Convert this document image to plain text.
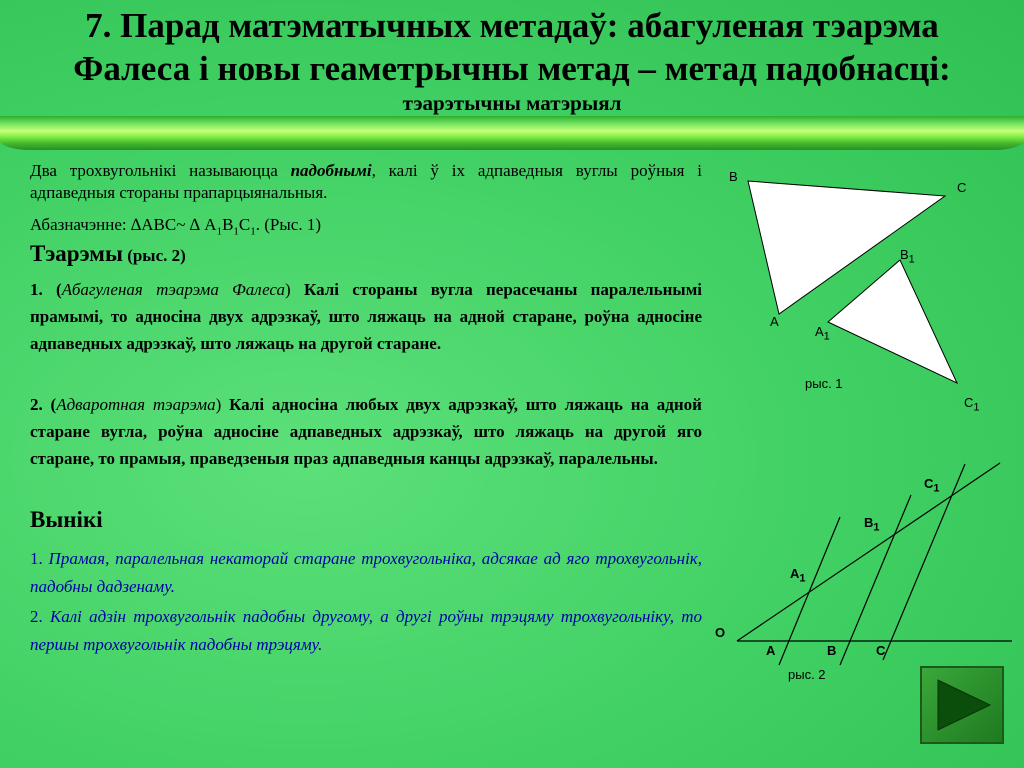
7. Парад матэматычных метадаў: абагуленая тэарэма
Фалеса і новы геаметрычны метад – метад падобнасці:
тэарэтычны матэрыял
Два трохвугольнікі называюцца падобнымі, калі ў іх адпаведныя вуглы роўныя і адпаведныя стораны прапарцыянальныя.
Абазначэнне: ∆АВС~ ∆ $А_1В_1С_1$. (Рыс. 1)
Тэарэмы (рыс. 2)
1. (Абагуленая тэарэма Фалеса) Калі стораны вугла перасечаны паралельнымі прамымі, то адносіна двух адрэзкаў, што ляжаць на адной старане, роўна адносіне адпаведных адрэзкаў, што ляжаць на другой старане.
2. (Адваротная тэарэма) Калі адносіна любых двух адрэзкаў, што ляжаць на адной старане вугла, роўна адносіне адпаведных адрэзкаў, што ляжаць на другой яго старане, то прамыя, праведзеныя праз адпаведныя канцы адрэзкаў, паралельны.
Вынікі
1. Прамая, паралельная некаторай старане трохвугольніка, адсякае ад яго трохвугольнік, падобны дадзенаму.
2. Калі адзін трохвугольнік падобны другому, а другі роўны трэцяму трохвугольніку, то першы трохвугольнік падобны трэцяму.
В
С
А
$В_1$
$А_1$
$С_1$
рыс. 1
О
А	В	С
$А_1$
$В_1$
$С_1$
рыс. 2
